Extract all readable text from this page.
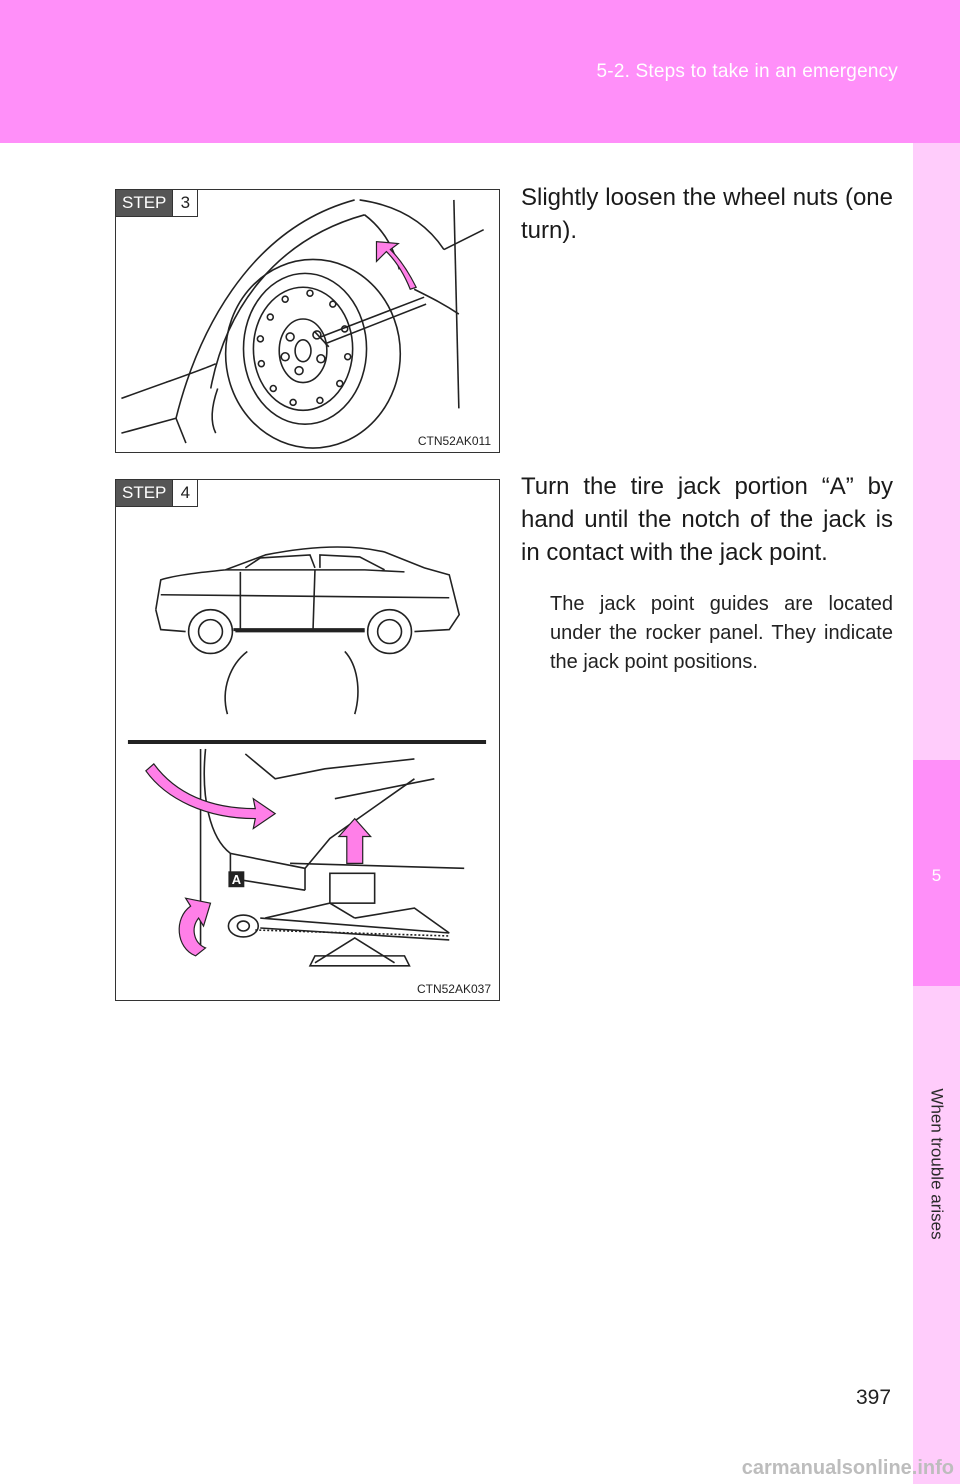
5-2. Steps to take in an emergency
5
When trouble arises
STEP 3
CTN52AK011
Slightly loosen the wheel nuts (one turn).
STEP 4
A
CTN52AK037
Turn the tire jack portion “A” by hand until the notch of the jack is in contact with the jack point.
The jack point guides are located under the rocker panel. They indicate the jack point positions.
397
carmanualsonline.info
